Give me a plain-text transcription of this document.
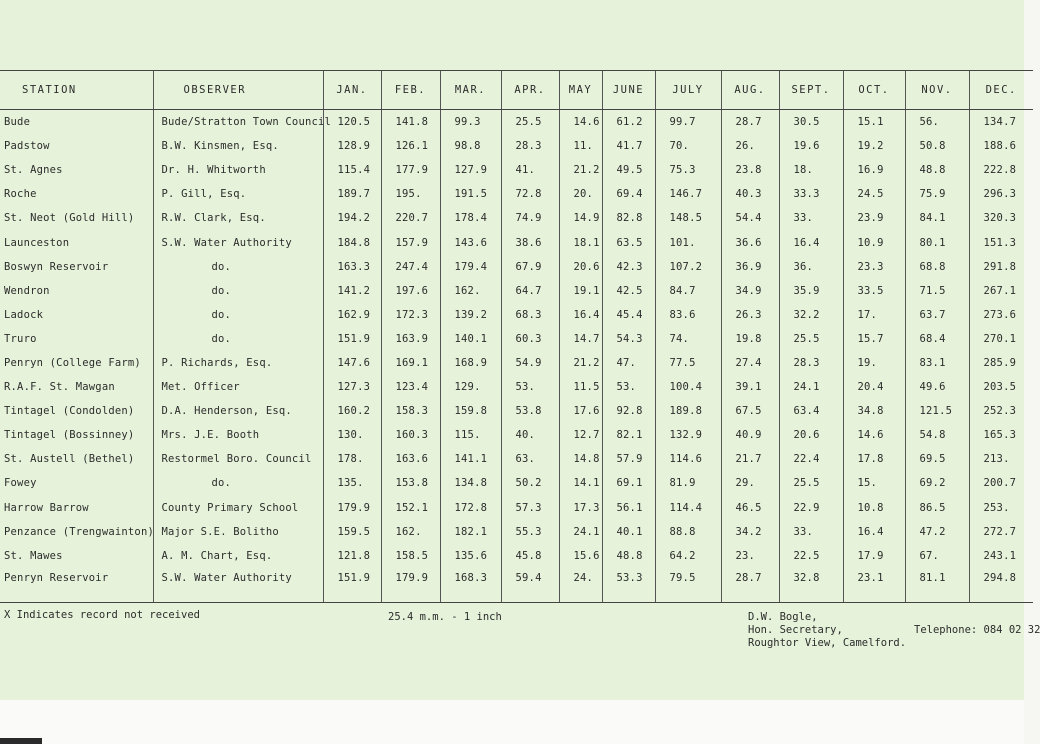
STATION	OBSERVER	JAN.	FEB.	MAR.	APR.	MAY	JUNE	JULY	AUG.	SEPT.	OCT.	NOV.	DEC.
Bude	Bude/Stratton Town Council	120.5	141.8	99.3	25.5	14.6	61.2	99.7	28.7	30.5	15.1	56.	134.7
Padstow	B.W. Kinsmen, Esq.	128.9	126.1	98.8	28.3	11.	41.7	70.	26.	19.6	19.2	50.8	188.6
St. Agnes	Dr. H. Whitworth	115.4	177.9	127.9	41.	21.2	49.5	75.3	23.8	18.	16.9	48.8	222.8
Roche	P. Gill, Esq.	189.7	195.	191.5	72.8	20.	69.4	146.7	40.3	33.3	24.5	75.9	296.3
St. Neot (Gold Hill)	R.W. Clark, Esq.	194.2	220.7	178.4	74.9	14.9	82.8	148.5	54.4	33.	23.9	84.1	320.3
Launceston	S.W. Water Authority	184.8	157.9	143.6	38.6	18.1	63.5	101.	36.6	16.4	10.9	80.1	151.3
Boswyn Reservoir	do.	163.3	247.4	179.4	67.9	20.6	42.3	107.2	36.9	36.	23.3	68.8	291.8
Wendron	do.	141.2	197.6	162.	64.7	19.1	42.5	84.7	34.9	35.9	33.5	71.5	267.1
Ladock	do.	162.9	172.3	139.2	68.3	16.4	45.4	83.6	26.3	32.2	17.	63.7	273.6
Truro	do.	151.9	163.9	140.1	60.3	14.7	54.3	74.	19.8	25.5	15.7	68.4	270.1
Penryn (College Farm)	P. Richards, Esq.	147.6	169.1	168.9	54.9	21.2	47.	77.5	27.4	28.3	19.	83.1	285.9
R.A.F. St. Mawgan	Met. Officer	127.3	123.4	129.	53.	11.5	53.	100.4	39.1	24.1	20.4	49.6	203.5
Tintagel (Condolden)	D.A. Henderson, Esq.	160.2	158.3	159.8	53.8	17.6	92.8	189.8	67.5	63.4	34.8	121.5	252.3
Tintagel (Bossinney)	Mrs. J.E. Booth	130.	160.3	115.	40.	12.7	82.1	132.9	40.9	20.6	14.6	54.8	165.3
St. Austell (Bethel)	Restormel Boro. Council	178.	163.6	141.1	63.	14.8	57.9	114.6	21.7	22.4	17.8	69.5	213.
Fowey	do.	135.	153.8	134.8	50.2	14.1	69.1	81.9	29.	25.5	15.	69.2	200.7
Harrow Barrow	County Primary School	179.9	152.1	172.8	57.3	17.3	56.1	114.4	46.5	22.9	10.8	86.5	253.
Penzance (Trengwainton)	Major S.E. Bolitho	159.5	162.	182.1	55.3	24.1	40.1	88.8	34.2	33.	16.4	47.2	272.7
St. Mawes	A. M. Chart, Esq.	121.8	158.5	135.6	45.8	15.6	48.8	64.2	23.	22.5	17.9	67.	243.1
Penryn Reservoir	S.W. Water Authority	151.9	179.9	168.3	59.4	24.	53.3	79.5	28.7	32.8	23.1	81.1	294.8
X Indicates record not received	25.4 m.m. - 1 inch	D.W. Bogle,
Hon. Secretary,
Roughtor View, Camelford.
Telephone: 084 02 32
